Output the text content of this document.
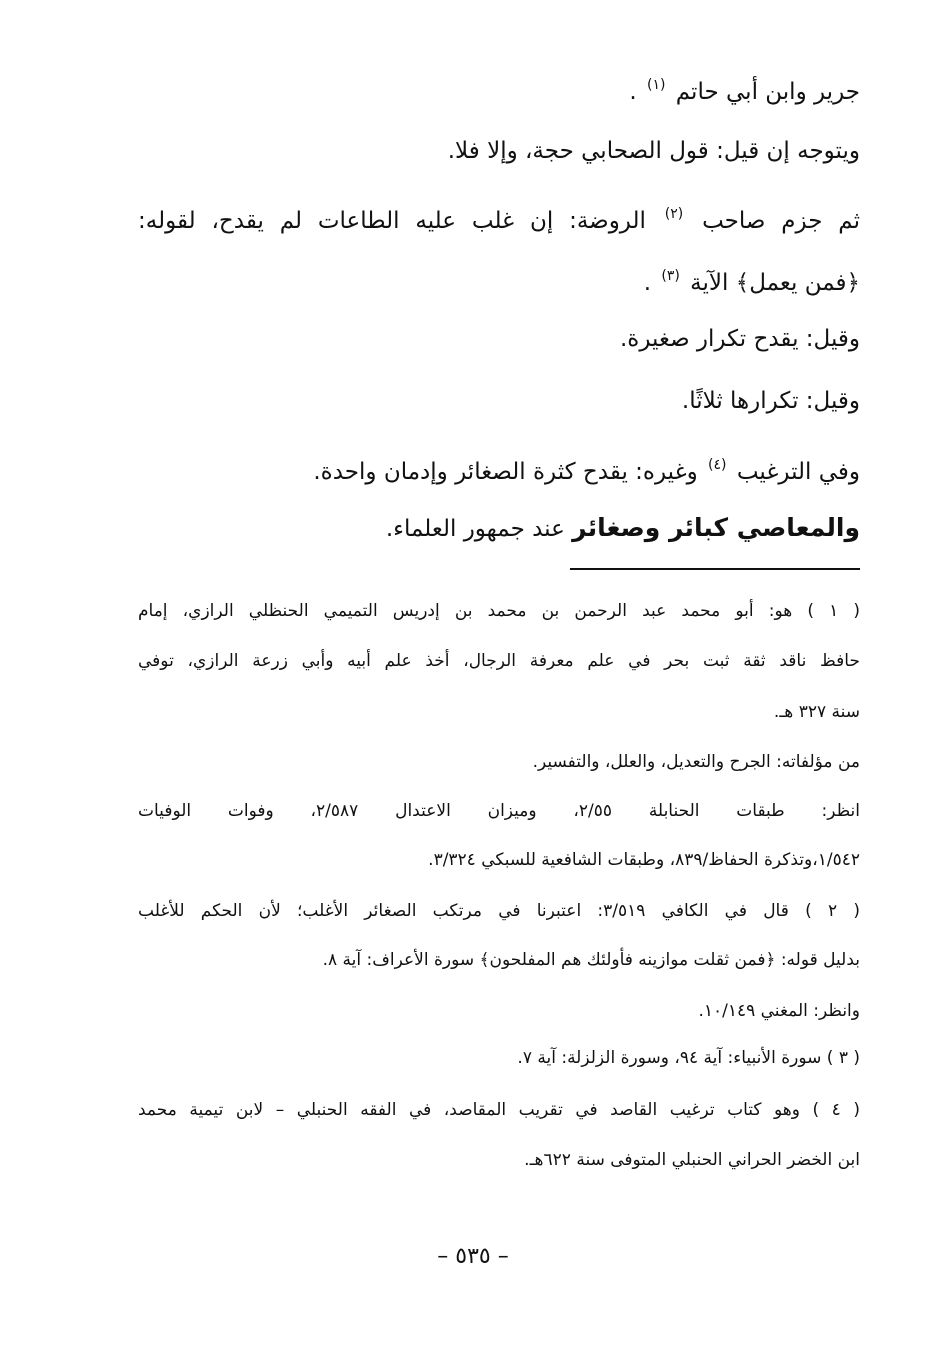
جرير وابن أبي حاتم $^{(١)}$ .
ويتوجه إن قيل: قول الصحابي حجة، وإلا فلا.
ثم جزم صاحب $^{(٢)}$ الروضة: إن غلب عليه الطاعات لم يقدح، لقوله:
﴿فمن يعمل﴾ الآية $^{(٣)}$ .
وقيل: يقدح تكرار صغيرة.
وقيل: تكرارها ثلاثًا.
وفي الترغيب $^{(٤)}$ وغيره: يقدح كثرة الصغائر وإدمان واحدة.
والمعاصي كبائر وصغائر عند جمهور العلماء.
( ١ ) هو: أبو محمد عبد الرحمن بن محمد بن إدريس التميمي الحنظلي الرازي، إمام
حافظ ناقد ثقة ثبت بحر في علم معرفة الرجال، أخذ علم أبيه وأبي زرعة الرازي، توفي
سنة ٣٢٧ هـ.
من مؤلفاته: الجرح والتعديل، والعلل، والتفسير.
انظر: طبقات الحنابلة ٢/٥٥، وميزان الاعتدال ٢/٥٨٧، وفوات الوفيات
١/٥٤٢،وتذكرة الحفاظ/٨٣٩، وطبقات الشافعية للسبكي ٣/٣٢٤.
( ٢ ) قال في الكافي ٣/٥١٩: اعتبرنا في مرتكب الصغائر الأغلب؛ لأن الحكم للأغلب
بدليل قوله: ﴿فمن ثقلت موازينه فأولئك هم المفلحون﴾ سورة الأعراف: آية ٨.
وانظر: المغني ١٠/١٤٩.
( ٣ ) سورة الأنبياء: آية ٩٤، وسورة الزلزلة: آية ٧.
( ٤ ) وهو كتاب ترغيب القاصد في تقريب المقاصد، في الفقه الحنبلي – لابن تيمية محمد
ابن الخضر الحراني الحنبلي المتوفى سنة ٦٢٢هـ.
– ٥٣٥ –
